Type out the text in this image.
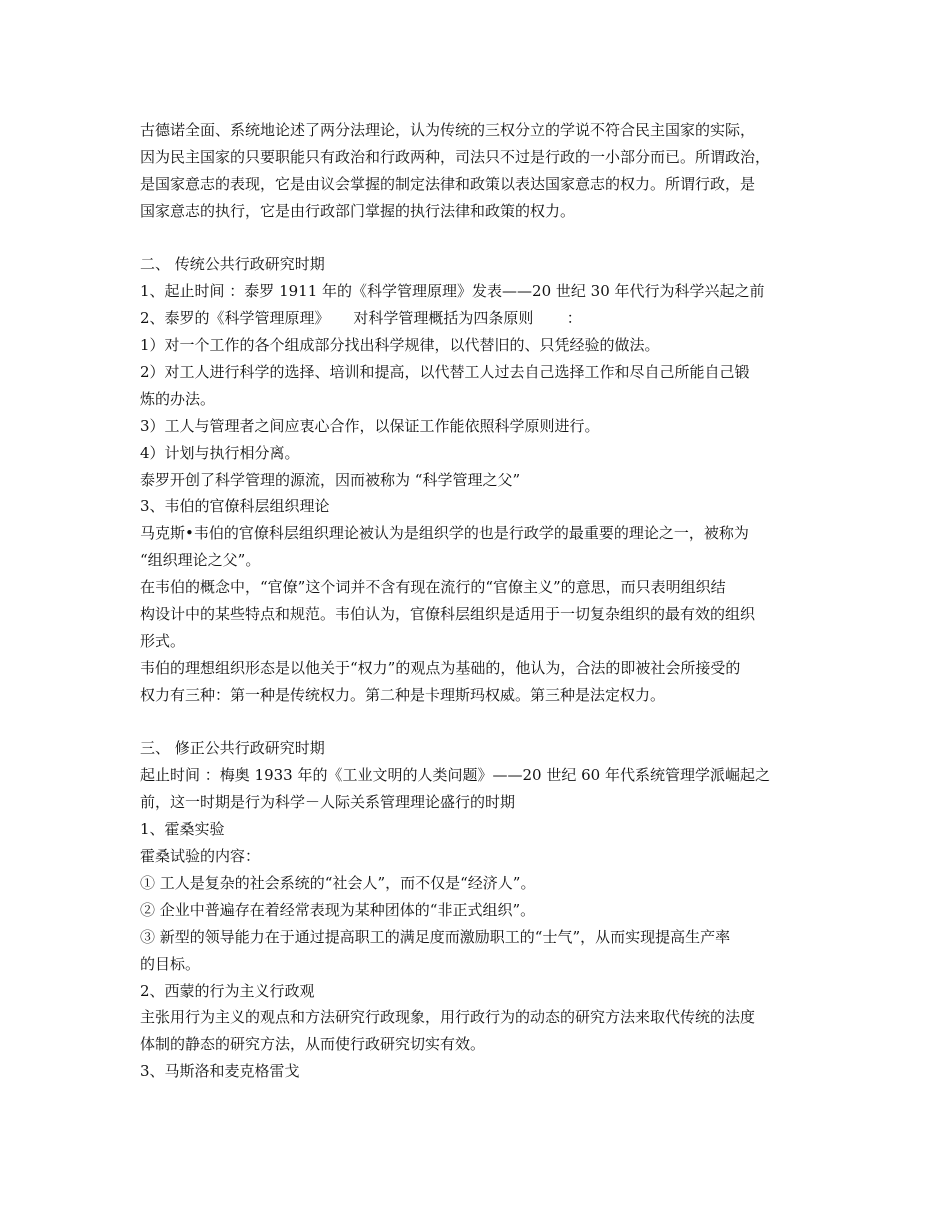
古德诺全面、系统地论述了两分法理论，认为传统的三权分立的学说不符合民主国家的实际，
因为民主国家的只要职能只有政治和行政两种，司法只不过是行政的一小部分而已。所谓政治，
是国家意志的表现，它是由议会掌握的制定法律和政策以表达国家意志的权力。所谓行政，是
国家意志的执行，它是由行政部门掌握的执行法律和政策的权力。
二、 传统公共行政研究时期
1、起止时间 ：泰罗 1911 年的《科学管理原理》发表——20 世纪 30 年代行为科学兴起之前
2、泰罗的《科学管理原理》     对科学管理概括为四条原则       ：
1）对一个工作的各个组成部分找出科学规律，以代替旧的、只凭经验的做法。
2）对工人进行科学的选择、培训和提高，以代替工人过去自己选择工作和尽自己所能自己锻
炼的办法。
3）工人与管理者之间应衷心合作，以保证工作能依照科学原则进行。
4）计划与执行相分离。
泰罗开创了科学管理的源流，因而被称为 “科学管理之父”
3、韦伯的官僚科层组织理论
马克斯•韦伯的官僚科层组织理论被认为是组织学的也是行政学的最重要的理论之一，被称为
“组织理论之父”。
在韦伯的概念中，“官僚”这个词并不含有现在流行的“官僚主义”的意思，而只表明组织结
构设计中的某些特点和规范。韦伯认为，官僚科层组织是适用于一切复杂组织的最有效的组织
形式。
韦伯的理想组织形态是以他关于“权力”的观点为基础的，他认为，合法的即被社会所接受的
权力有三种：第一种是传统权力。第二种是卡理斯玛权威。第三种是法定权力。
三、 修正公共行政研究时期
起止时间 ：梅奥 1933 年的《工业文明的人类问题》——20 世纪 60 年代系统管理学派崛起之
前，这一时期是行为科学－人际关系管理理论盛行的时期
1、霍桑实验
霍桑试验的内容：
① 工人是复杂的社会系统的“社会人”，而不仅是“经济人”。
② 企业中普遍存在着经常表现为某种团体的“非正式组织”。
③ 新型的领导能力在于通过提高职工的满足度而激励职工的“士气”，从而实现提高生产率
的目标。
2、西蒙的行为主义行政观
主张用行为主义的观点和方法研究行政现象，用行政行为的动态的研究方法来取代传统的法度
体制的静态的研究方法，从而使行政研究切实有效。
3、马斯洛和麦克格雷戈
